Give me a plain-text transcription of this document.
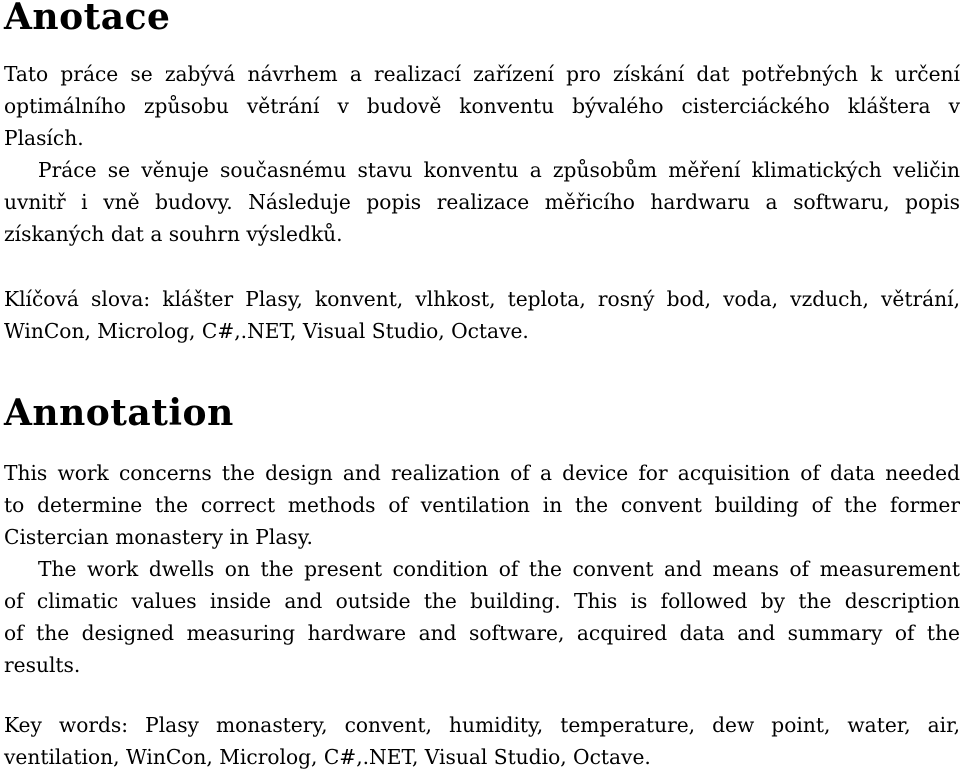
Anotace

Tato práce se zabývá návrhem a realizací zařízení pro získání dat potřebných k určení
optimálního způsobu větrání v budově konventu bývalého cisterciáckého kláštera v
Plasích.

Práce se věnuje současnému stavu konventu a způsobům měření klimatických veličin
uvnitř i vně budovy. Následuje popis realizace měřicího hardwaru a softwaru, popis
získaných dat a souhrn výsledků.

Klíčová slova: klášter Plasy, konvent, vlhkost, teplota, rosný bod, voda, vzduch, větrání,
WinCon, Microlog, C#,.NET, Visual Studio, Octave.

Annotation

This work concerns the design and realization of a device for acquisition of data needed
to determine the correct methods of ventilation in the convent building of the former
Cistercian monastery in Plasy.

The work dwells on the present condition of the convent and means of measurement
of climatic values inside and outside the building. This is followed by the description
of the designed measuring hardware and software, acquired data and summary of the
results.

Key words: Plasy monastery, convent, humidity, temperature, dew point, water, air,
ventilation, WinCon, Microlog, C#,.NET, Visual Studio, Octave.
